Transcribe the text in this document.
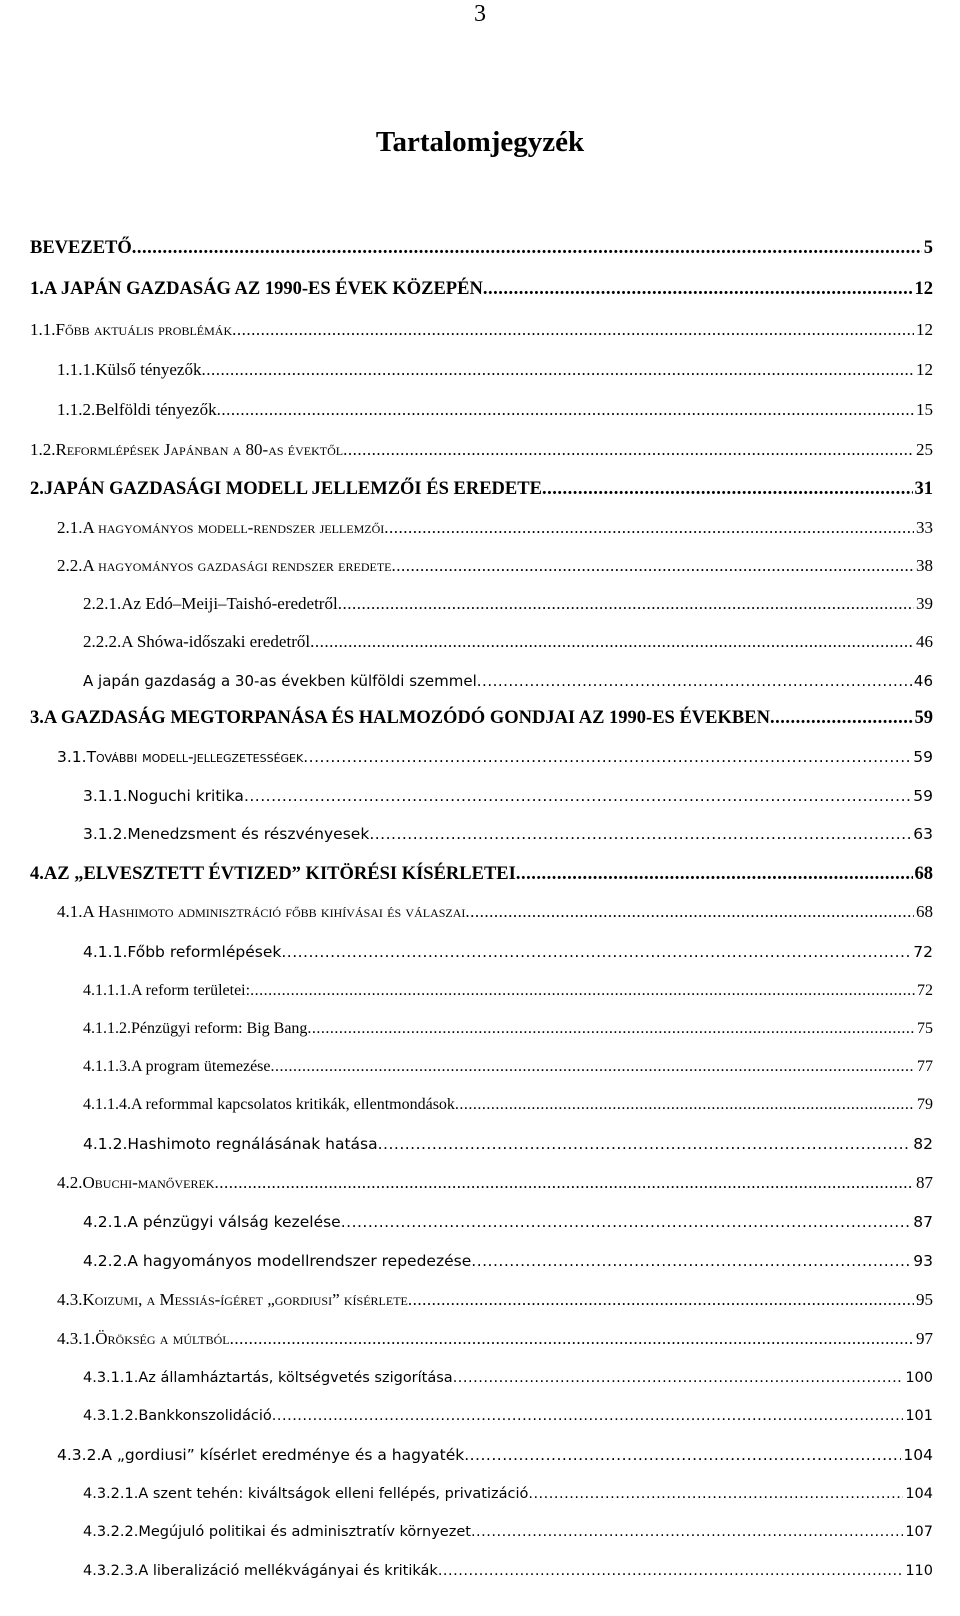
3
Tartalomjegyzék
BEVEZETŐ .....	5
1. A JAPÁN GAZDASÁG AZ 1990-ES ÉVEK KÖZEPÉN .....	12
1.1. Főbb aktuális problémák .....	12
1.1.1. Külső tényezők .....	12
1.1.2. Belföldi tényezők .....	15
1.2. Reformlépések Japánban a 80-as évektől .....	25
2. JAPÁN GAZDASÁGI MODELL JELLEMZŐI ÉS EREDETE .....	31
2.1. A hagyományos modell-rendszer jellemzői .....	33
2.2. A hagyományos gazdasági rendszer eredete .....	38
2.2.1. Az Edó–Meiji–Taishó-eredetről .....	39
2.2.2. A Shówa-időszaki eredetről .....	46
A japán gazdaság a 30-as években külföldi szemmel .....	46
3. A GAZDASÁG MEGTORPANÁSA ÉS HALMOZÓDÓ GONDJAI AZ 1990-ES ÉVEKBEN .....	59
3.1. További modell-jellegzetességek .....	59
3.1.1. Noguchi kritika .....	59
3.1.2. Menedzsment és részvényesek .....	63
4. AZ „ELVESZTETT ÉVTIZED” KITÖRÉSI KÍSÉRLETEI .....	68
4.1. A Hashimoto adminisztráció főbb kihívásai és válaszai .....	68
4.1.1. Főbb reformlépések .....	72
4.1.1.1. A reform területei: .....	72
4.1.1.2. Pénzügyi reform: Big Bang .....	75
4.1.1.3. A program ütemezése .....	77
4.1.1.4. A reformmal kapcsolatos kritikák, ellentmondások .....	79
4.1.2. Hashimoto regnálásának hatása .....	82
4.2. Obuchi-manőverek .....	87
4.2.1. A pénzügyi válság kezelése .....	87
4.2.2. A hagyományos modellrendszer repedezése .....	93
4.3. Koizumi, a Messiás-ígéret „gordiusi” kísérlete .....	95
4.3.1. Örökség a múltból .....	97
4.3.1.1. Az államháztartás, költségvetés szigorítása .....	100
4.3.1.2. Bankkonszolidáció .....	101
4.3.2. A „gordiusi” kísérlet eredménye és a hagyaték .....	104
4.3.2.1. A szent tehén: kiváltságok elleni fellépés, privatizáció .....	104
4.3.2.2. Megújuló politikai és adminisztratív környezet .....	107
4.3.2.3. A liberalizáció mellékvágányai és kritikák .....	110
